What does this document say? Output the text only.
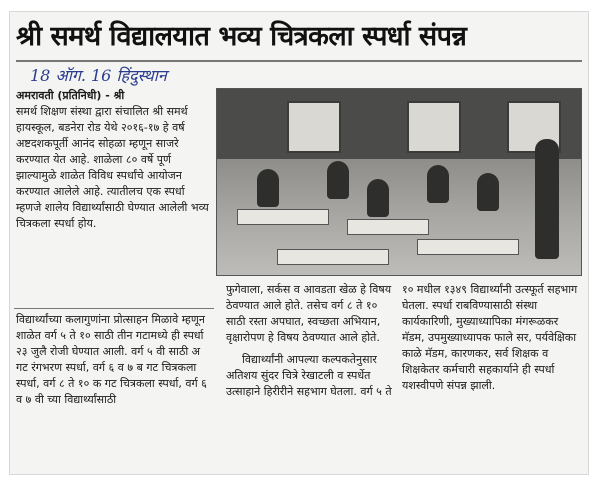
श्री समर्थ विद्यालयात भव्य चित्रकला स्पर्धा संपन्न
18 ऑग. 16 हिंदुस्थान

अमरावती (प्रतिनिधी) - श्री

समर्थ शिक्षण संस्था द्वारा संचालित श्री समर्थ हायस्कूल, बडनेरा रोड येथे २०१६-१७ हे वर्ष अष्टदशकपूर्ती आनंद सोहळा म्हणून साजरे करण्यात येत आहे. शाळेला ८० वर्षे पूर्ण झाल्यामुळे शाळेत विविध स्पर्धांचे आयोजन करण्यात आलेले आहे. त्यातीलच एक स्पर्धा म्हणजे शालेय विद्यार्थ्यांसाठी घेण्यात आलेली भव्य चित्रकला स्पर्धा होय.

विद्यार्थ्यांच्या कलागुणांना प्रोत्साहन मिळावे म्हणून शाळेत वर्ग ५ ते १० साठी तीन गटामध्ये ही स्पर्धा २३ जुलै रोजी घेण्यात आली. वर्ग ५ वी साठी अ गट रंगभरण स्पर्धा, वर्ग ६ व ७ ब गट चित्रकला स्पर्धा, वर्ग ८ ते १० क गट चित्रकला स्पर्धा, वर्ग ६ व ७ वी च्या विद्यार्थ्यांसाठी

फुगेवाला, सर्कस व आवडता खेळ हे विषय ठेवण्यात आले होते. तसेच वर्ग ८ ते १० साठी रस्ता अपघात, स्वच्छता अभियान, वृक्षारोपण हे विषय ठेवण्यात आले होते.

विद्यार्थ्यांनी आपल्या कल्पकतेनुसार अतिशय सुंदर चित्रे रेखाटली व स्पर्धेत उत्साहाने हिरीरीने सहभाग घेतला. वर्ग ५ ते

१० मधील १३४९ विद्यार्थ्यांनी उत्स्फूर्त सहभाग घेतला. स्पर्धा राबविण्यासाठी संस्था कार्यकारिणी, मुख्याध्यापिका मंगरूळकर मॅडम, उपमुख्याध्यापक फाले सर, पर्यवेक्षिका काळे मॅडम, कारणकर, सर्व शिक्षक व शिक्षकेतर कर्मचारी सहकार्याने ही स्पर्धा यशस्वीपणे संपन्न झाली.
